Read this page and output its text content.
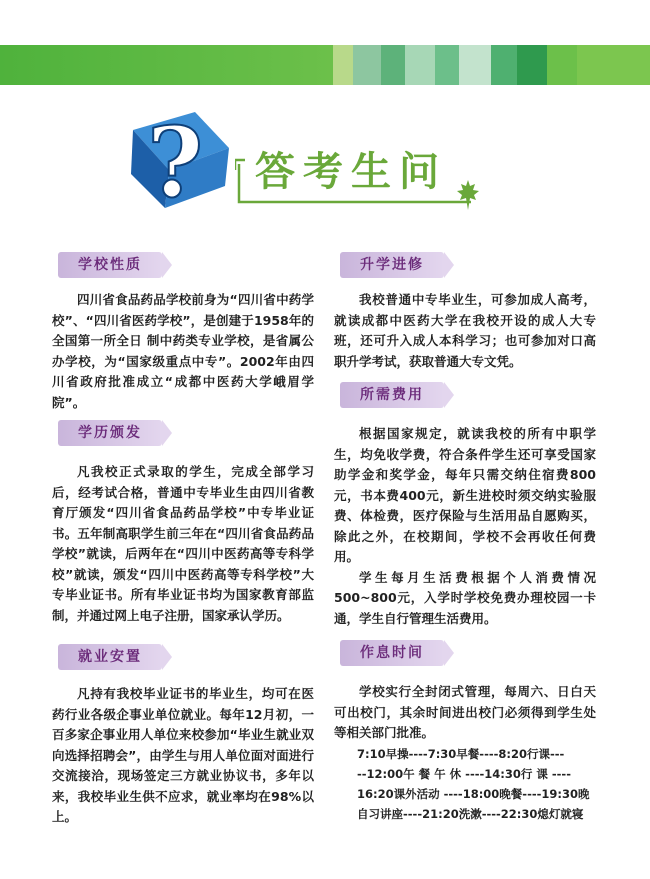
? 答考生问
学校性质

四川省食品药品学校前身为“四川省中药学校”、“四川省医药学校”，是创建于1958年的全国第一所全日 制中药类专业学校，是省属公办学校，为“国家级重点中专”。2002年由四川省政府批准成立“成都中医药大学峨眉学院”。

学历颁发

凡我校正式录取的学生，完成全部学习后，经考试合格，普通中专毕业生由四川省教育厅颁发“四川省食品药品学校”中专毕业证书。五年制高职学生前三年在“四川省食品药品学校”就读，后两年在“四川中医药高等专科学校”就读，颁发“四川中医药高等专科学校”大专毕业证书。所有毕业证书均为国家教育部监制，并通过网上电子注册，国家承认学历。

就业安置

凡持有我校毕业证书的毕业生，均可在医药行业各级企事业单位就业。每年12月初，一百多家企事业用人单位来校参加“毕业生就业双向选择招聘会”，由学生与用人单位面对面进行交流接洽，现场签定三方就业协议书，多年以来，我校毕业生供不应求，就业率均在98%以上。

升学进修

我校普通中专毕业生，可参加成人高考，就读成都中医药大学在我校开设的成人大专班，还可升入成人本科学习；也可参加对口高职升学考试，获取普通大专文凭。

所需费用

根据国家规定，就读我校的所有中职学生，均免收学费，符合条件学生还可享受国家助学金和奖学金，每年只需交纳住宿费800元，书本费400元，新生进校时须交纳实验服费、体检费，医疗保险与生活用品自愿购买，除此之外，在校期间，学校不会再收任何费用。

学生每月生活费根据个人消费情况500~800元，入学时学校免费办理校园一卡通，学生自行管理生活费用。

作息时间

学校实行全封闭式管理，每周六、日白天可出校门，其余时间进出校门必须得到学生处等相关部门批准。

7:10早操----7:30早餐----8:20行课---

--12:00午 餐 午 休 ----14:30行 课 ----

16:20课外活动 ----18:00晚餐----19:30晚

自习讲座----21:20洗漱----22:30熄灯就寝
